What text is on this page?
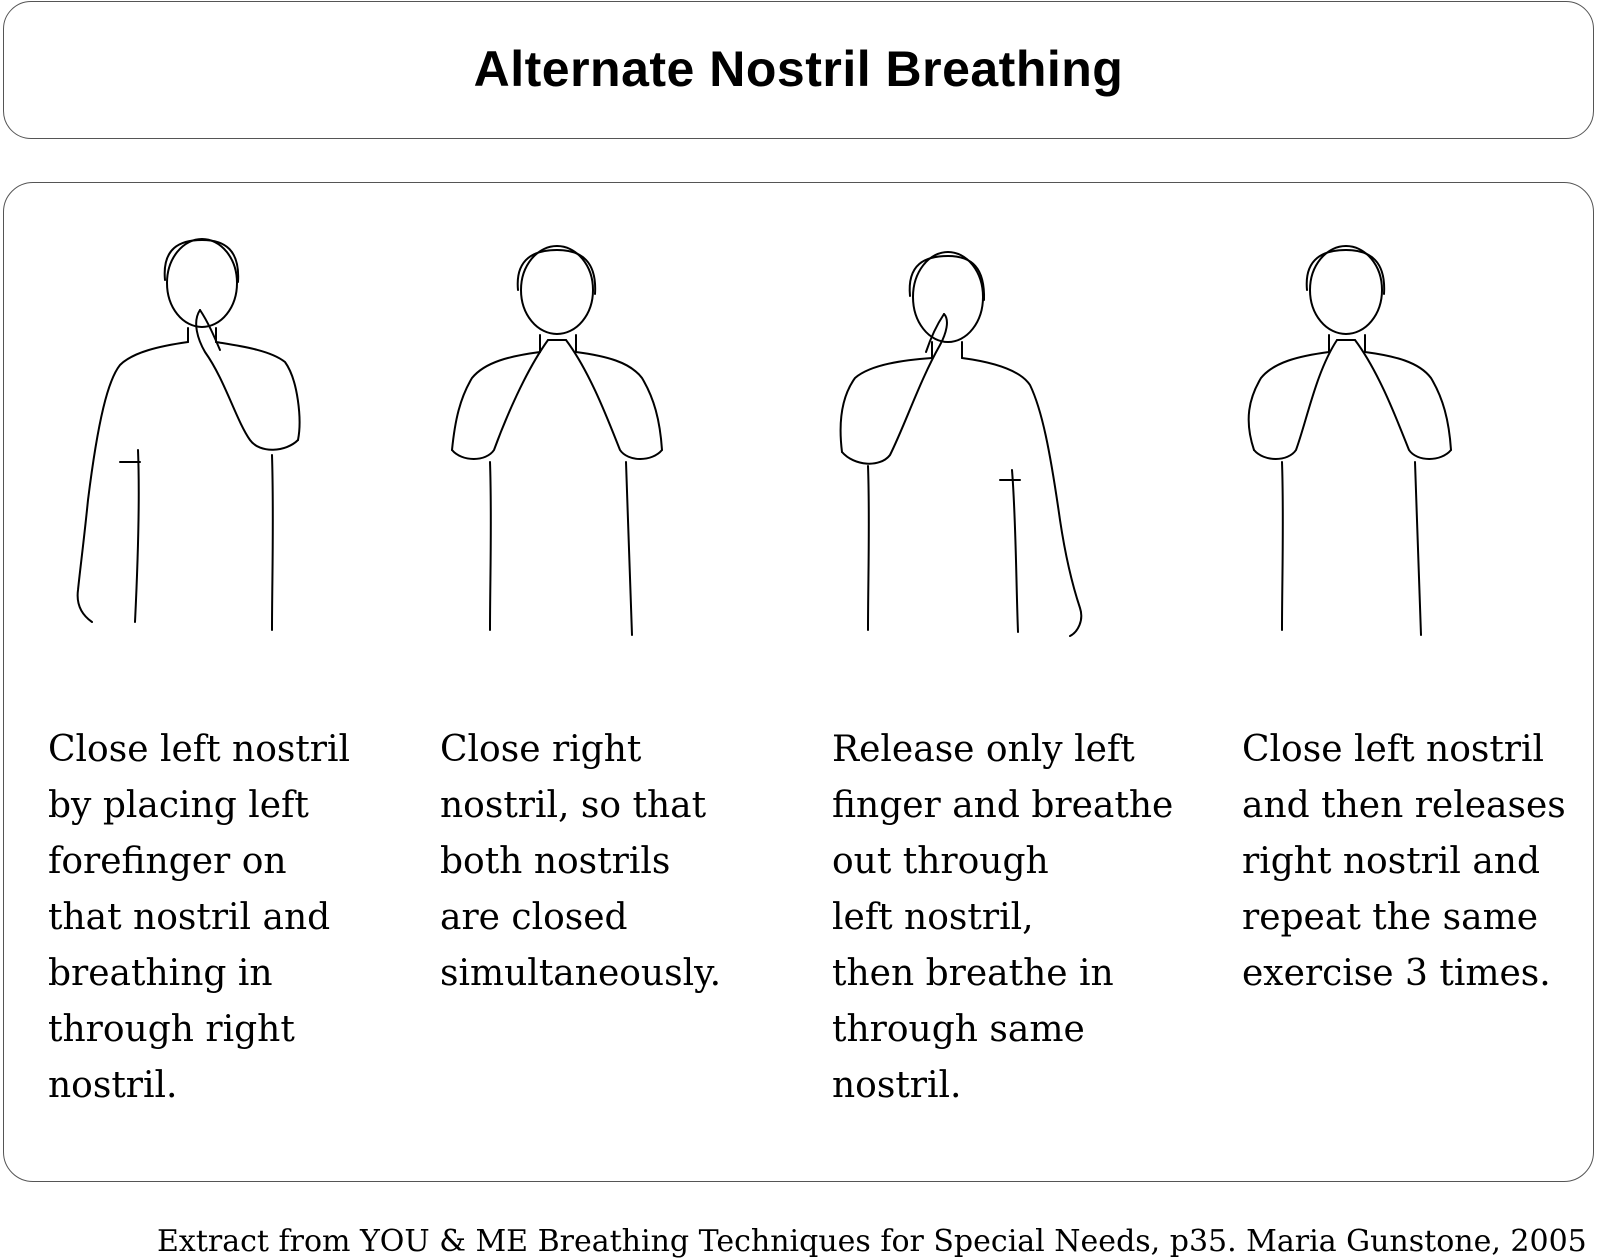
Alternate Nostril Breathing

Close left nostril
by placing left
forefinger on
that nostril and
breathing in
through right
nostril.

Close right
nostril, so that
both nostrils
are closed
simultaneously.

Release only left
finger and breathe
out through
left nostril,
then breathe in
through same
nostril.

Close left nostril
and then releases
right nostril and
repeat the same
exercise 3 times.

Extract from YOU & ME Breathing Techniques for Special Needs, p35. Maria Gunstone, 2005
